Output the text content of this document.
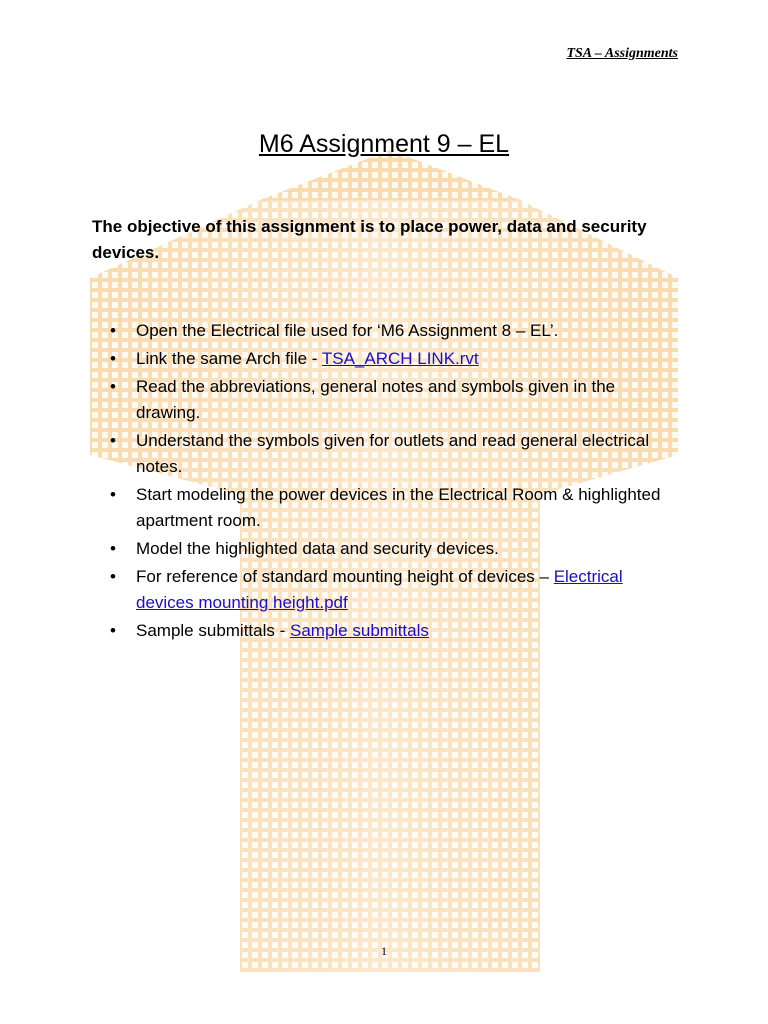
TSA – Assignments
M6 Assignment 9 – EL
The objective of this assignment is to place power, data and security devices.
• Open the Electrical file used for ‘M6 Assignment 8 – EL’.
• Link the same Arch file - TSA_ARCH LINK.rvt
• Read the abbreviations, general notes and symbols given in the drawing.
• Understand the symbols given for outlets and read general electrical notes.
• Start modeling the power devices in the Electrical Room & highlighted apartment room.
• Model the highlighted data and security devices.
• For reference of standard mounting height of devices – Electrical devices mounting height.pdf
• Sample submittals - Sample submittals
1
